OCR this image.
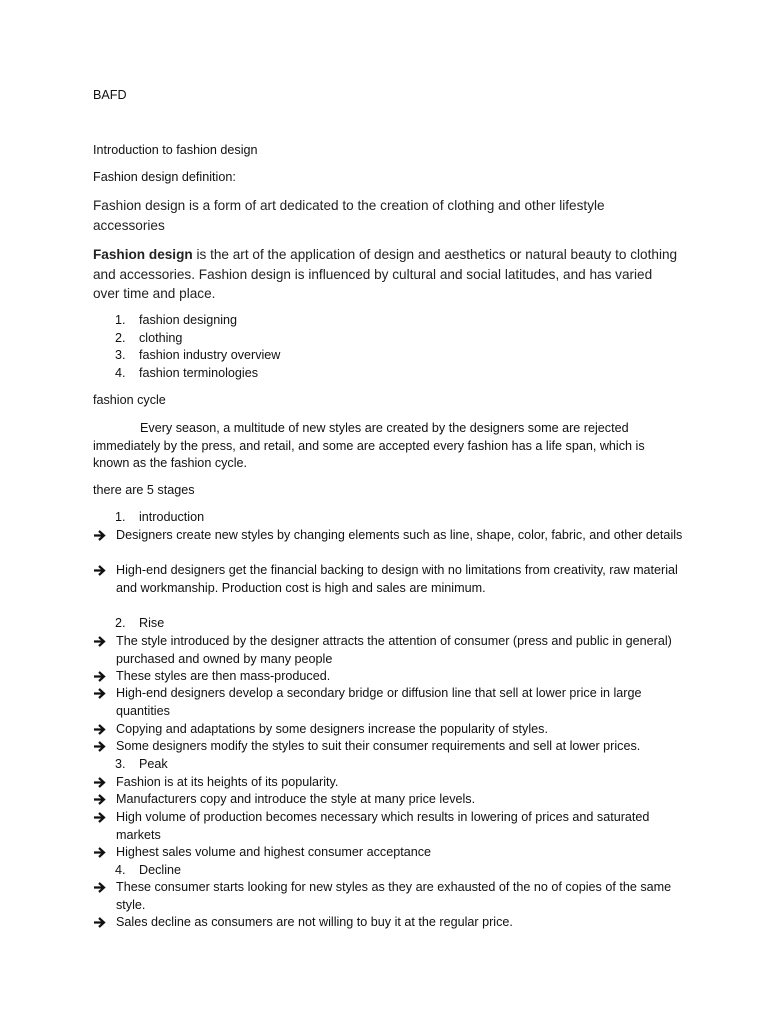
BAFD
Introduction to fashion design
Fashion design definition:
Fashion design is a form of art dedicated to the creation of clothing and other lifestyle accessories
Fashion design is the art of the application of design and aesthetics or natural beauty to clothing and accessories. Fashion design is influenced by cultural and social latitudes, and has varied over time and place.
1. fashion designing
2. clothing
3. fashion industry overview
4. fashion terminologies
fashion cycle
Every season, a multitude of new styles are created by the designers some are rejected immediately by the press, and retail, and some are accepted every fashion has a life span, which is known as the fashion cycle.
there are 5 stages
1. introduction
Designers create new styles by changing elements such as line, shape, color, fabric, and other details
High-end designers get the financial backing to design with no limitations from creativity, raw material and workmanship. Production cost is high and sales are minimum.
2. Rise
The style introduced by the designer attracts the attention of consumer (press and public in general) purchased and owned by many people
These styles are then mass-produced.
High-end designers develop a secondary bridge or diffusion line that sell at lower price in large quantities
Copying and adaptations by some designers increase the popularity of styles.
Some designers modify the styles to suit their consumer requirements and sell at lower prices.
3. Peak
Fashion is at its heights of its popularity.
Manufacturers copy and introduce the style at many price levels.
High volume of production becomes necessary which results in lowering of prices and saturated markets
Highest sales volume and highest consumer acceptance
4. Decline
These consumer starts looking for new styles as they are exhausted of the no of copies of the same style.
Sales decline as consumers are not willing to buy it at the regular price.
